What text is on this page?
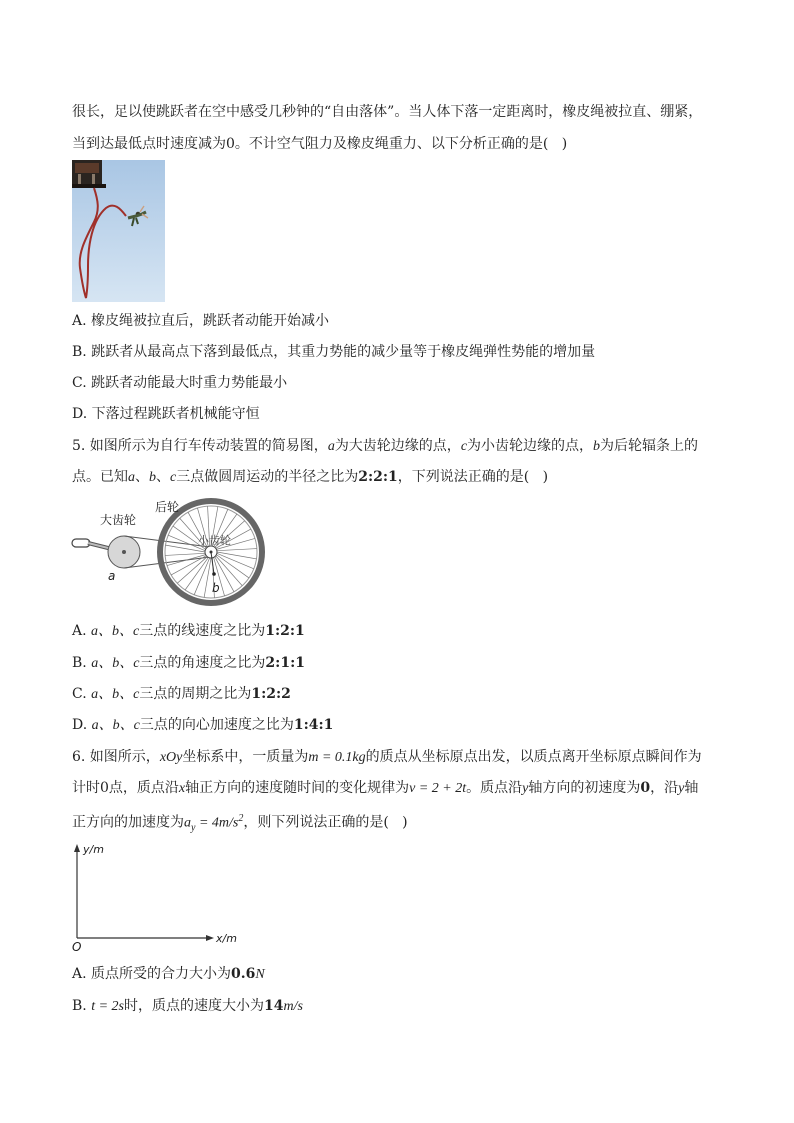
很长，足以使跳跃者在空中感受几秒钟的“自由落体”。当人体下落一定距离时，橡皮绳被拉直、绷紧，
当到达最低点时速度减为0。不计空气阻力及橡皮绳重力、以下分析正确的是(   )
A. 橡皮绳被拉直后，跳跃者动能开始减小
B. 跳跃者从最高点下落到最低点，其重力势能的减少量等于橡皮绳弹性势能的增加量
C. 跳跃者动能最大时重力势能最小
D. 下落过程跳跃者机械能守恒
5. 如图所示为自行车传动装置的简易图，a为大齿轮边缘的点，c为小齿轮边缘的点，b为后轮辐条上的
点。已知a、b、c三点做圆周运动的半径之比为2:2:1，下列说法正确的是(   )
大齿轮
后轮
小齿轮
a
b
A. a、b、c三点的线速度之比为1:2:1
B. a、b、c三点的角速度之比为2:1:1
C. a、b、c三点的周期之比为1:2:2
D. a、b、c三点的向心加速度之比为1:4:1
6. 如图所示，xOy坐标系中，一质量为m = 0.1kg的质点从坐标原点出发，以质点离开坐标原点瞬间作为
计时0点，质点沿x轴正方向的速度随时间的变化规律为v = 2 + 2t。质点沿y轴方向的初速度为0，沿y轴
正方向的加速度为$a_y = 4m/s^2$，则下列说法正确的是(   )
y/m
x/m
O
A. 质点所受的合力大小为0.6N
B. t = 2s时，质点的速度大小为14m/s
